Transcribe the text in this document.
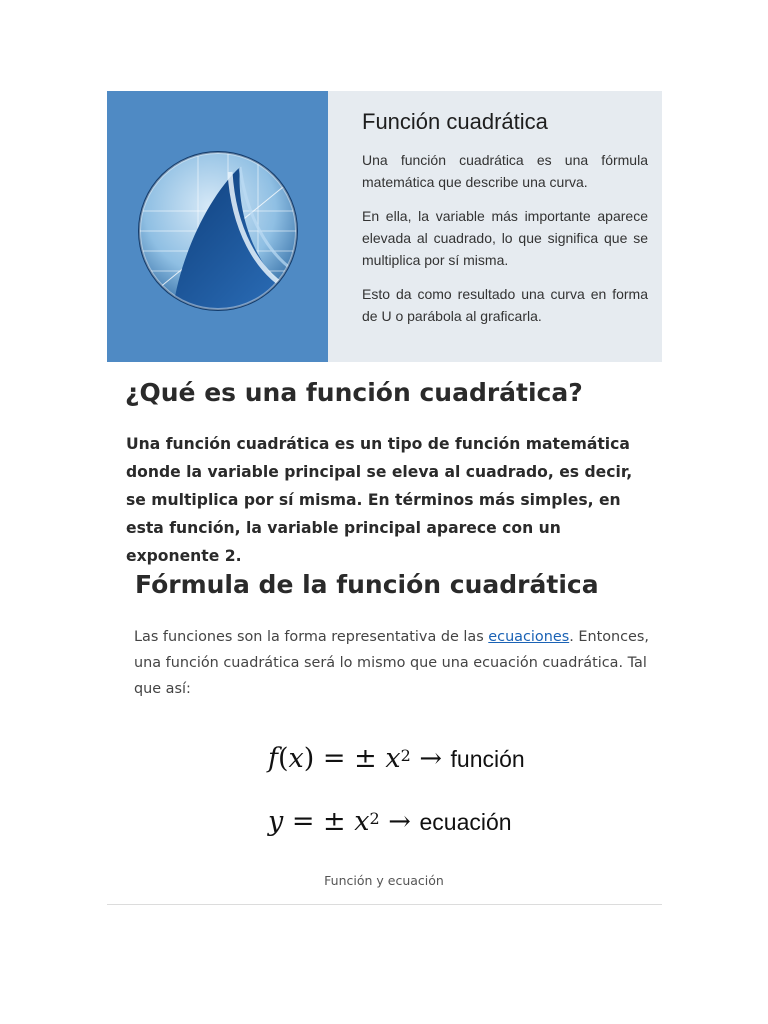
Función cuadrática

Una función cuadrática es una fórmula matemática que describe una curva.

En ella, la variable más importante aparece elevada al cuadrado, lo que significa que se multiplica por sí misma.

Esto da como resultado una curva en forma de U o parábola al graficarla.

¿Qué es una función cuadrática?

Una función cuadrática es un tipo de función matemática donde la variable principal se eleva al cuadrado, es decir, se multiplica por sí misma. En términos más simples, en esta función, la variable principal aparece con un exponente 2.

Fórmula de la función cuadrática

Las funciones son la forma representativa de las ecuaciones. Entonces, una función cuadrática será lo mismo que una ecuación cuadrática. Tal que así:

f(x) = ± $x^2$ → función
y = ± $x^2$ → ecuación

Función y ecuación
